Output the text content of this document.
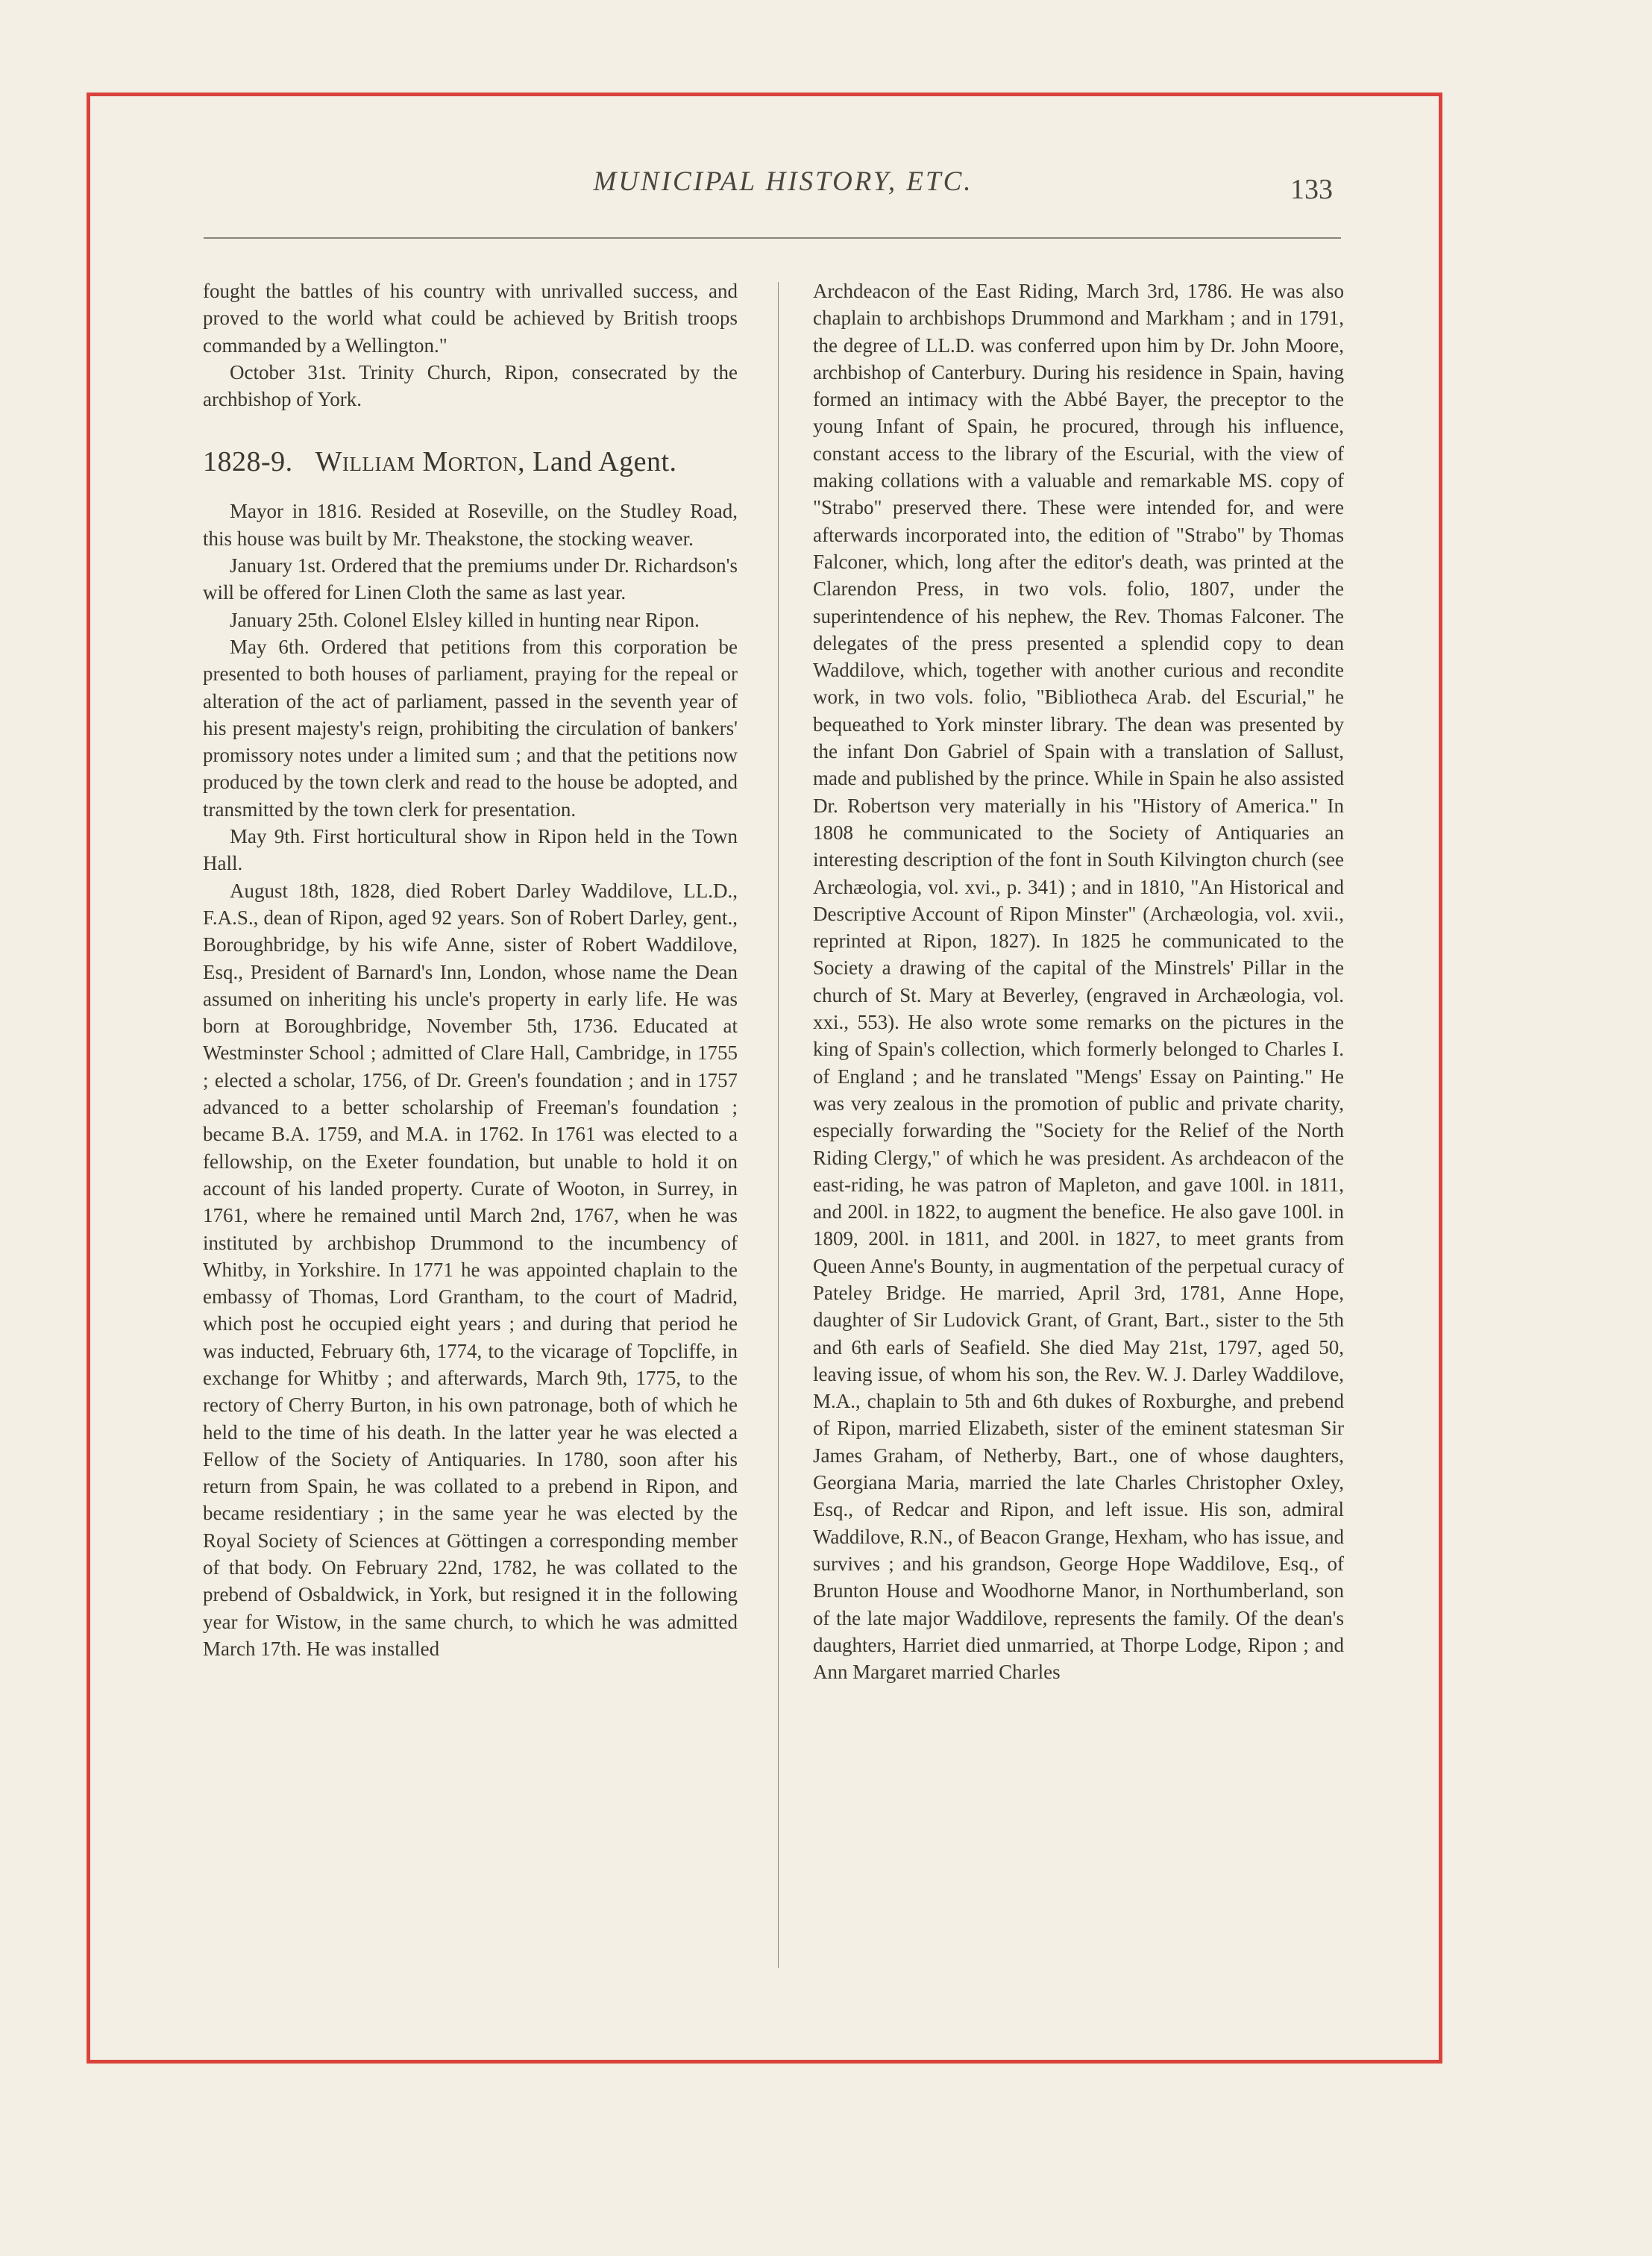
MUNICIPAL HISTORY, ETC.	133

fought the battles of his country with unrivalled success, and proved to the world what could be achieved by British troops commanded by a Wellington."

October 31st. Trinity Church, Ripon, consecrated by the archbishop of York.

1828-9. William Morton, Land Agent.

Mayor in 1816. Resided at Roseville, on the Studley Road, this house was built by Mr. Theakstone, the stocking weaver.

January 1st. Ordered that the premiums under Dr. Richardson's will be offered for Linen Cloth the same as last year.

January 25th. Colonel Elsley killed in hunting near Ripon.

May 6th. Ordered that petitions from this corporation be presented to both houses of parliament, praying for the repeal or alteration of the act of parliament, passed in the seventh year of his present majesty's reign, prohibiting the circulation of bankers' promissory notes under a limited sum ; and that the petitions now produced by the town clerk and read to the house be adopted, and transmitted by the town clerk for presentation.

May 9th. First horticultural show in Ripon held in the Town Hall.

August 18th, 1828, died Robert Darley Waddilove, LL.D., F.A.S., dean of Ripon, aged 92 years. Son of Robert Darley, gent., Boroughbridge, by his wife Anne, sister of Robert Waddilove, Esq., President of Barnard's Inn, London, whose name the Dean assumed on inheriting his uncle's property in early life. He was born at Boroughbridge, November 5th, 1736. Educated at Westminster School ; admitted of Clare Hall, Cambridge, in 1755 ; elected a scholar, 1756, of Dr. Green's foundation ; and in 1757 advanced to a better scholarship of Freeman's foundation ; became B.A. 1759, and M.A. in 1762. In 1761 was elected to a fellowship, on the Exeter foundation, but unable to hold it on account of his landed property. Curate of Wooton, in Surrey, in 1761, where he remained until March 2nd, 1767, when he was instituted by archbishop Drummond to the incumbency of Whitby, in Yorkshire. In 1771 he was appointed chaplain to the embassy of Thomas, Lord Grantham, to the court of Madrid, which post he occupied eight years ; and during that period he was inducted, February 6th, 1774, to the vicarage of Topcliffe, in exchange for Whitby ; and afterwards, March 9th, 1775, to the rectory of Cherry Burton, in his own patronage, both of which he held to the time of his death. In the latter year he was elected a Fellow of the Society of Antiquaries. In 1780, soon after his return from Spain, he was collated to a prebend in Ripon, and became residentiary ; in the same year he was elected by the Royal Society of Sciences at Göttingen a corresponding member of that body. On February 22nd, 1782, he was collated to the prebend of Osbaldwick, in York, but resigned it in the following year for Wistow, in the same church, to which he was admitted March 17th. He was installed

Archdeacon of the East Riding, March 3rd, 1786. He was also chaplain to archbishops Drummond and Markham ; and in 1791, the degree of LL.D. was conferred upon him by Dr. John Moore, archbishop of Canterbury. During his residence in Spain, having formed an intimacy with the Abbé Bayer, the preceptor to the young Infant of Spain, he procured, through his influence, constant access to the library of the Escurial, with the view of making collations with a valuable and remarkable MS. copy of "Strabo" preserved there. These were intended for, and were afterwards incorporated into, the edition of "Strabo" by Thomas Falconer, which, long after the editor's death, was printed at the Clarendon Press, in two vols. folio, 1807, under the superintendence of his nephew, the Rev. Thomas Falconer. The delegates of the press presented a splendid copy to dean Waddilove, which, together with another curious and recondite work, in two vols. folio, "Bibliotheca Arab. del Escurial," he bequeathed to York minster library. The dean was presented by the infant Don Gabriel of Spain with a translation of Sallust, made and published by the prince. While in Spain he also assisted Dr. Robertson very materially in his "History of America." In 1808 he communicated to the Society of Antiquaries an interesting description of the font in South Kilvington church (see Archæologia, vol. xvi., p. 341) ; and in 1810, "An Historical and Descriptive Account of Ripon Minster" (Archæologia, vol. xvii., reprinted at Ripon, 1827). In 1825 he communicated to the Society a drawing of the capital of the Minstrels' Pillar in the church of St. Mary at Beverley, (engraved in Archæologia, vol. xxi., 553). He also wrote some remarks on the pictures in the king of Spain's collection, which formerly belonged to Charles I. of England ; and he translated "Mengs' Essay on Painting." He was very zealous in the promotion of public and private charity, especially forwarding the "Society for the Relief of the North Riding Clergy," of which he was president. As archdeacon of the east-riding, he was patron of Mapleton, and gave 100l. in 1811, and 200l. in 1822, to augment the benefice. He also gave 100l. in 1809, 200l. in 1811, and 200l. in 1827, to meet grants from Queen Anne's Bounty, in augmentation of the perpetual curacy of Pateley Bridge. He married, April 3rd, 1781, Anne Hope, daughter of Sir Ludovick Grant, of Grant, Bart., sister to the 5th and 6th earls of Seafield. She died May 21st, 1797, aged 50, leaving issue, of whom his son, the Rev. W. J. Darley Waddilove, M.A., chaplain to 5th and 6th dukes of Roxburghe, and prebend of Ripon, married Elizabeth, sister of the eminent statesman Sir James Graham, of Netherby, Bart., one of whose daughters, Georgiana Maria, married the late Charles Christopher Oxley, Esq., of Redcar and Ripon, and left issue. His son, admiral Waddilove, R.N., of Beacon Grange, Hexham, who has issue, and survives ; and his grandson, George Hope Waddilove, Esq., of Brunton House and Woodhorne Manor, in Northumberland, son of the late major Waddilove, represents the family. Of the dean's daughters, Harriet died unmarried, at Thorpe Lodge, Ripon ; and Ann Margaret married Charles
